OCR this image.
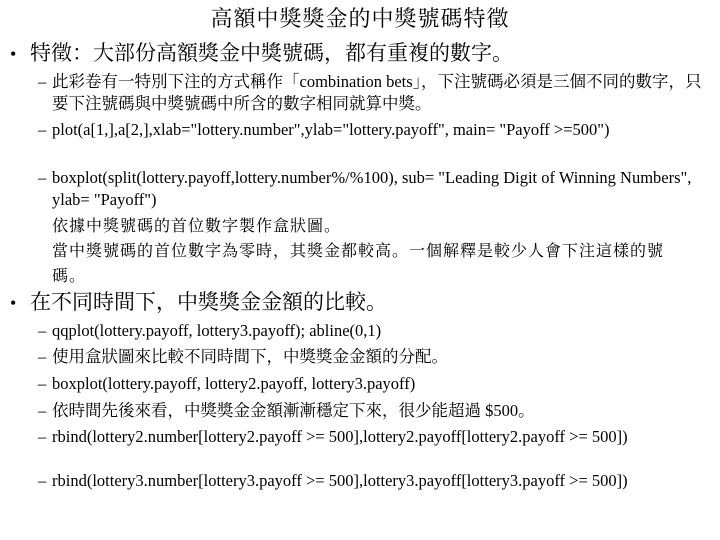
高額中獎獎金的中獎號碼特徵
• 特徵：大部份高額獎金中獎號碼，都有重複的數字。
– 此彩卷有一特別下注的方式稱作「combination bets」，下注號碼必須是三個不同的數字，只要下注號碼與中獎號碼中所含的數字相同就算中獎。
– plot(a[1,],a[2,],xlab="lottery.number",ylab="lottery.payoff", main= "Payoff >=500")
– boxplot(split(lottery.payoff,lottery.number%/%100), sub= "Leading Digit of Winning Numbers", ylab= "Payoff")
依據中獎號碼的首位數字製作盒狀圖。
當中獎號碼的首位數字為零時，其獎金都較高。一個解釋是較少人會下注這樣的號碼。
• 在不同時間下，中獎獎金金額的比較。
– qqplot(lottery.payoff, lottery3.payoff); abline(0,1)
– 使用盒狀圖來比較不同時間下，中獎獎金金額的分配。
– boxplot(lottery.payoff, lottery2.payoff, lottery3.payoff)
– 依時間先後來看，中獎獎金金額漸漸穩定下來，很少能超過 $500。
– rbind(lottery2.number[lottery2.payoff >= 500],lottery2.payoff[lottery2.payoff >= 500])
– rbind(lottery3.number[lottery3.payoff >= 500],lottery3.payoff[lottery3.payoff >= 500])
